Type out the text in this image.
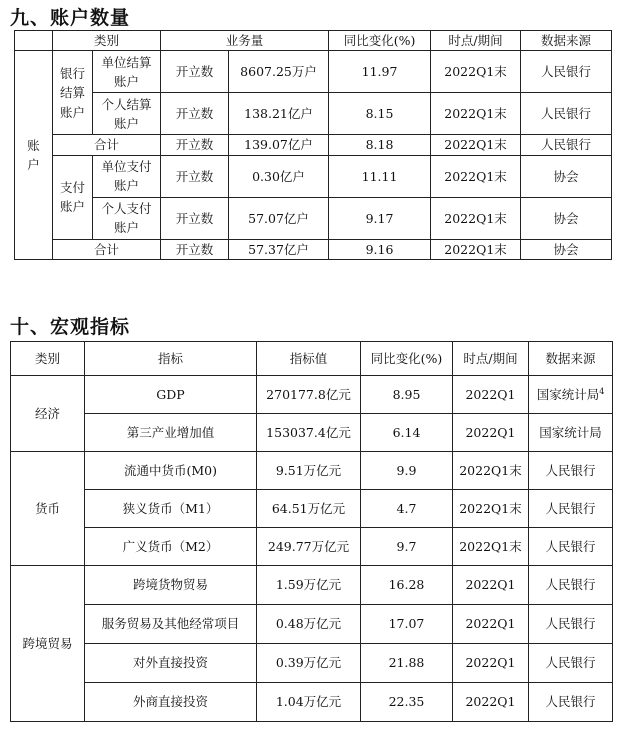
九、账户数量
	类别		业务量		同比变化(%)	时点/期间	数据来源
账户	银行结算账户	单位结算账户	开立数	8607.25万户	11.97	2022Q1末	人民银行
		个人结算账户	开立数	138.21亿户	8.15	2022Q1末	人民银行
	合计		开立数	139.07亿户	8.18	2022Q1末	人民银行
	支付账户	单位支付账户	开立数	0.30亿户	11.11	2022Q1末	协会
		个人支付账户	开立数	57.07亿户	9.17	2022Q1末	协会
	合计		开立数	57.37亿户	9.16	2022Q1末	协会
十、宏观指标
类别	指标	指标值	同比变化(%)	时点/期间	数据来源
经济	GDP	270177.8亿元	8.95	2022Q1	国家统计局$^4$
	第三产业增加值	153037.4亿元	6.14	2022Q1	国家统计局
货币	流通中货币(M0)	9.51万亿元	9.9	2022Q1末	人民银行
	狭义货币（M1）	64.51万亿元	4.7	2022Q1末	人民银行
	广义货币（M2）	249.77万亿元	9.7	2022Q1末	人民银行
跨境贸易	跨境货物贸易	1.59万亿元	16.28	2022Q1	人民银行
	服务贸易及其他经常项目	0.48万亿元	17.07	2022Q1	人民银行
	对外直接投资	0.39万亿元	21.88	2022Q1	人民银行
	外商直接投资	1.04万亿元	22.35	2022Q1	人民银行
